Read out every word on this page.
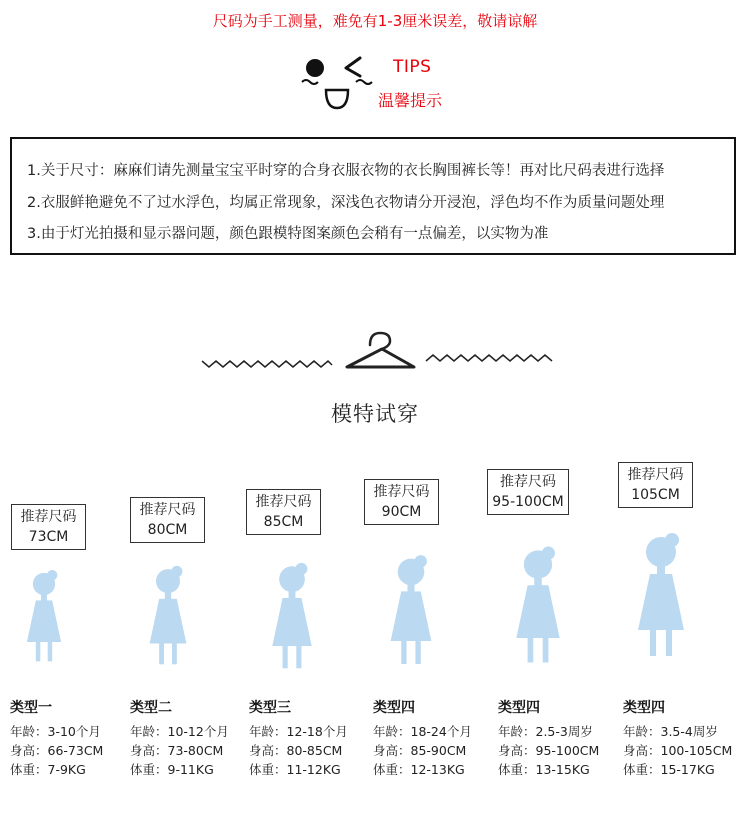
尺码为手工测量，难免有1-3厘米误差，敬请谅解
TIPS
温馨提示
1.关于尺寸：麻麻们请先测量宝宝平时穿的合身衣服衣物的衣长胸围裤长等！再对比尺码表进行选择
2.衣服鲜艳避免不了过水浮色，均属正常现象，深浅色衣物请分开浸泡，浮色均不作为质量问题处理
3.由于灯光拍摄和显示器问题，颜色跟模特图案颜色会稍有一点偏差，以实物为准
模特试穿
推荐尺码
73CM
推荐尺码
80CM
推荐尺码
85CM
推荐尺码
90CM
推荐尺码
95-100CM
推荐尺码
105CM
类型一
年龄：3-10个月
身高：66-73CM
体重：7-9KG
类型二
年龄：10-12个月
身高：73-80CM
体重：9-11KG
类型三
年龄：12-18个月
身高：80-85CM
体重：11-12KG
类型四
年龄：18-24个月
身高：85-90CM
体重：12-13KG
类型四
年龄：2.5-3周岁
身高：95-100CM
体重：13-15KG
类型四
年龄：3.5-4周岁
身高：100-105CM
体重：15-17KG
